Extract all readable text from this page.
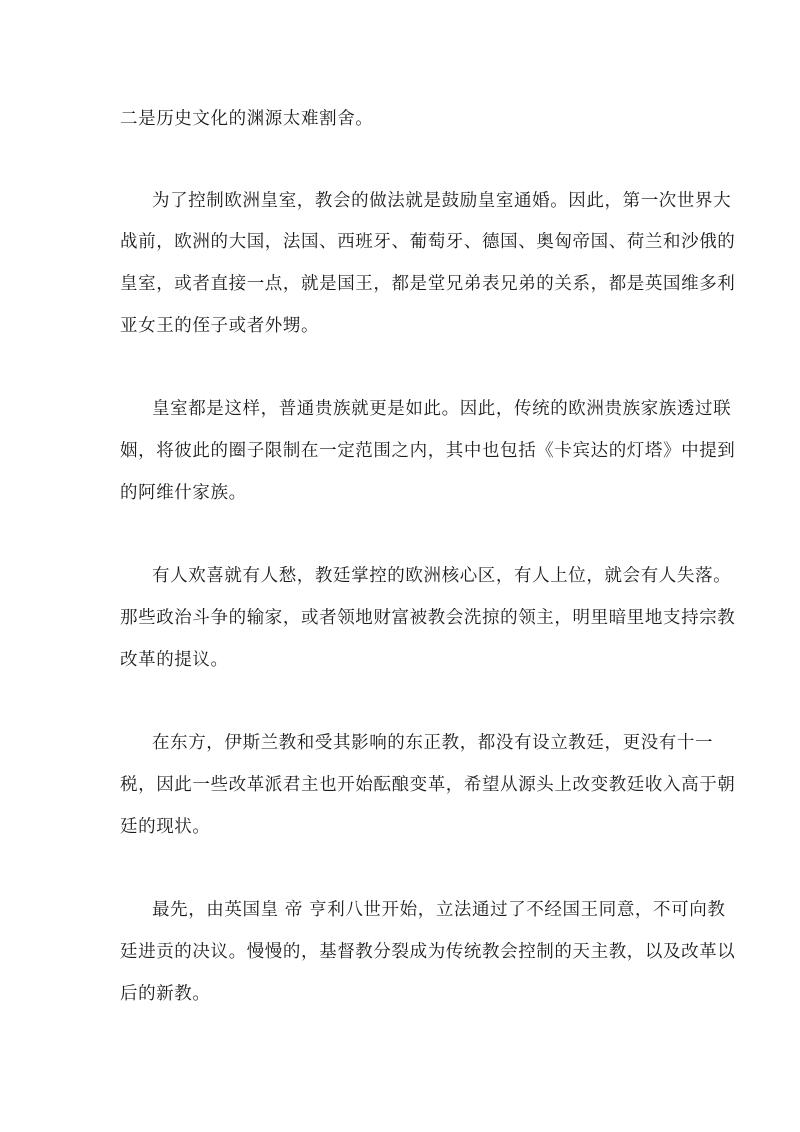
二是历史文化的渊源太难割舍。
为了控制欧洲皇室，教会的做法就是鼓励皇室通婚。因此，第一次世界大
战前，欧洲的大国，法国、西班牙、葡萄牙、德国、奥匈帝国、荷兰和沙俄的
皇室，或者直接一点，就是国王，都是堂兄弟表兄弟的关系，都是英国维多利
亚女王的侄子或者外甥。
皇室都是这样，普通贵族就更是如此。因此，传统的欧洲贵族家族透过联
姻，将彼此的圈子限制在一定范围之内，其中也包括《卡宾达的灯塔》中提到
的阿维什家族。
有人欢喜就有人愁，教廷掌控的欧洲核心区，有人上位，就会有人失落。
那些政治斗争的输家，或者领地财富被教会洗掠的领主，明里暗里地支持宗教
改革的提议。
在东方，伊斯兰教和受其影响的东正教，都没有设立教廷，更没有十一
税，因此一些改革派君主也开始酝酿变革，希望从源头上改变教廷收入高于朝
廷的现状。
最先，由英国皇 帝 亨利八世开始，立法通过了不经国王同意，不可向教
廷进贡的决议。慢慢的，基督教分裂成为传统教会控制的天主教，以及改革以
后的新教。
